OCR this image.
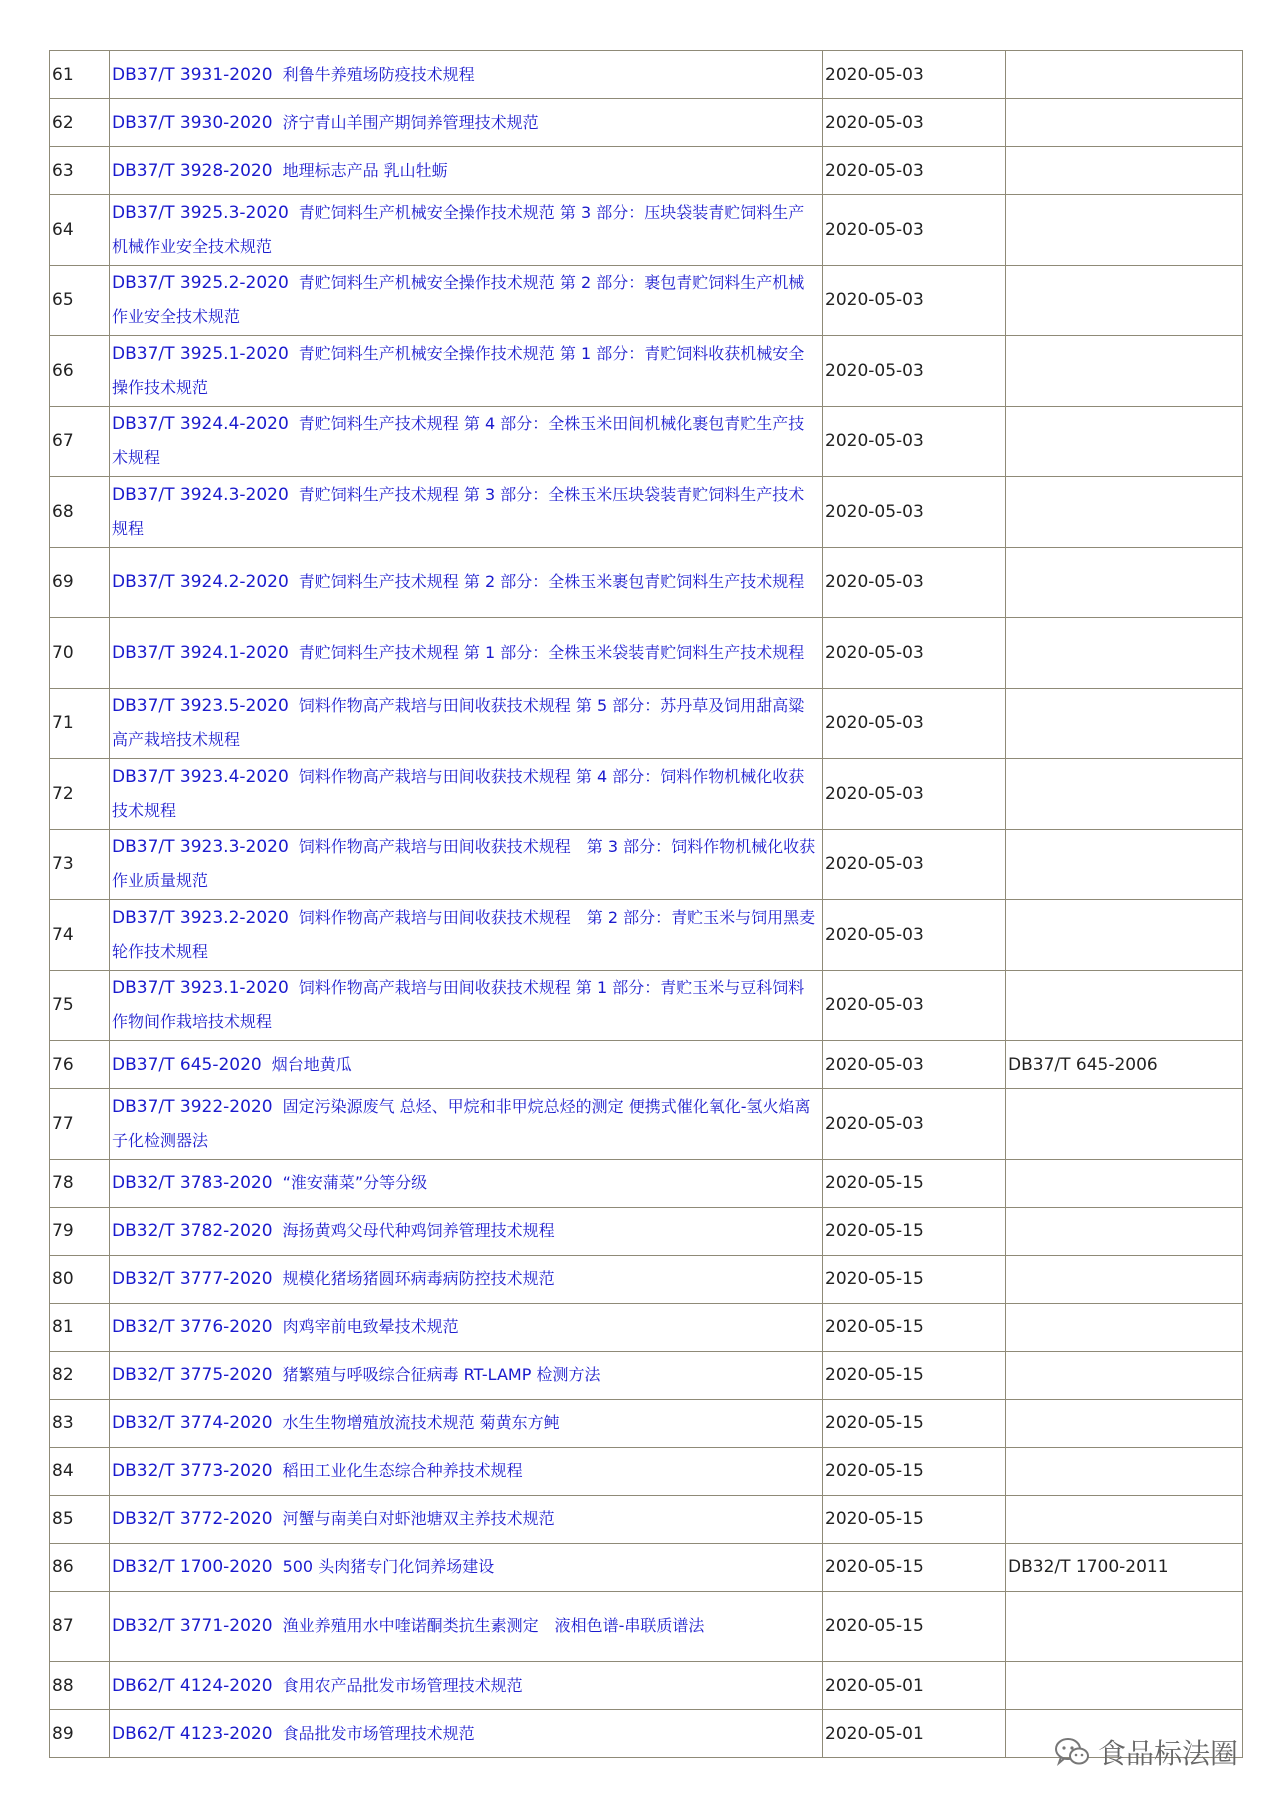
61	DB37/T 3931-2020 利鲁牛养殖场防疫技术规程	2020-05-03	
62	DB37/T 3930-2020 济宁青山羊围产期饲养管理技术规范	2020-05-03	
63	DB37/T 3928-2020 地理标志产品 乳山牡蛎	2020-05-03	
64	DB37/T 3925.3-2020 青贮饲料生产机械安全操作技术规范 第 3 部分：压块袋装青贮饲料生产机械作业安全技术规范	2020-05-03	
65	DB37/T 3925.2-2020 青贮饲料生产机械安全操作技术规范 第 2 部分：裹包青贮饲料生产机械作业安全技术规范	2020-05-03	
66	DB37/T 3925.1-2020 青贮饲料生产机械安全操作技术规范 第 1 部分：青贮饲料收获机械安全操作技术规范	2020-05-03	
67	DB37/T 3924.4-2020 青贮饲料生产技术规程 第 4 部分：全株玉米田间机械化裹包青贮生产技术规程	2020-05-03	
68	DB37/T 3924.3-2020 青贮饲料生产技术规程 第 3 部分：全株玉米压块袋装青贮饲料生产技术规程	2020-05-03	
69	DB37/T 3924.2-2020 青贮饲料生产技术规程 第 2 部分：全株玉米裹包青贮饲料生产技术规程	2020-05-03	
70	DB37/T 3924.1-2020 青贮饲料生产技术规程 第 1 部分：全株玉米袋装青贮饲料生产技术规程	2020-05-03	
71	DB37/T 3923.5-2020 饲料作物高产栽培与田间收获技术规程 第 5 部分：苏丹草及饲用甜高粱高产栽培技术规程	2020-05-03	
72	DB37/T 3923.4-2020 饲料作物高产栽培与田间收获技术规程 第 4 部分：饲料作物机械化收获技术规程	2020-05-03	
73	DB37/T 3923.3-2020 饲料作物高产栽培与田间收获技术规程　第 3 部分：饲料作物机械化收获作业质量规范	2020-05-03	
74	DB37/T 3923.2-2020 饲料作物高产栽培与田间收获技术规程　第 2 部分：青贮玉米与饲用黑麦轮作技术规程	2020-05-03	
75	DB37/T 3923.1-2020 饲料作物高产栽培与田间收获技术规程 第 1 部分：青贮玉米与豆科饲料作物间作栽培技术规程	2020-05-03	
76	DB37/T 645-2020 烟台地黄瓜	2020-05-03	DB37/T 645-2006
77	DB37/T 3922-2020 固定污染源废气 总烃、甲烷和非甲烷总烃的测定 便携式催化氧化-氢火焰离子化检测器法	2020-05-03	
78	DB32/T 3783-2020 “淮安蒲菜”分等分级	2020-05-15	
79	DB32/T 3782-2020 海扬黄鸡父母代种鸡饲养管理技术规程	2020-05-15	
80	DB32/T 3777-2020 规模化猪场猪圆环病毒病防控技术规范	2020-05-15	
81	DB32/T 3776-2020 肉鸡宰前电致晕技术规范	2020-05-15	
82	DB32/T 3775-2020 猪繁殖与呼吸综合征病毒 RT-LAMP 检测方法	2020-05-15	
83	DB32/T 3774-2020 水生生物增殖放流技术规范 菊黄东方鲀	2020-05-15	
84	DB32/T 3773-2020 稻田工业化生态综合种养技术规程	2020-05-15	
85	DB32/T 3772-2020 河蟹与南美白对虾池塘双主养技术规范	2020-05-15	
86	DB32/T 1700-2020 500 头肉猪专门化饲养场建设	2020-05-15	DB32/T 1700-2011
87	DB32/T 3771-2020 渔业养殖用水中喹诺酮类抗生素测定　液相色谱-串联质谱法	2020-05-15	
88	DB62/T 4124-2020 食用农产品批发市场管理技术规范	2020-05-01	
89	DB62/T 4123-2020 食品批发市场管理技术规范	2020-05-01	
食品标法圈
